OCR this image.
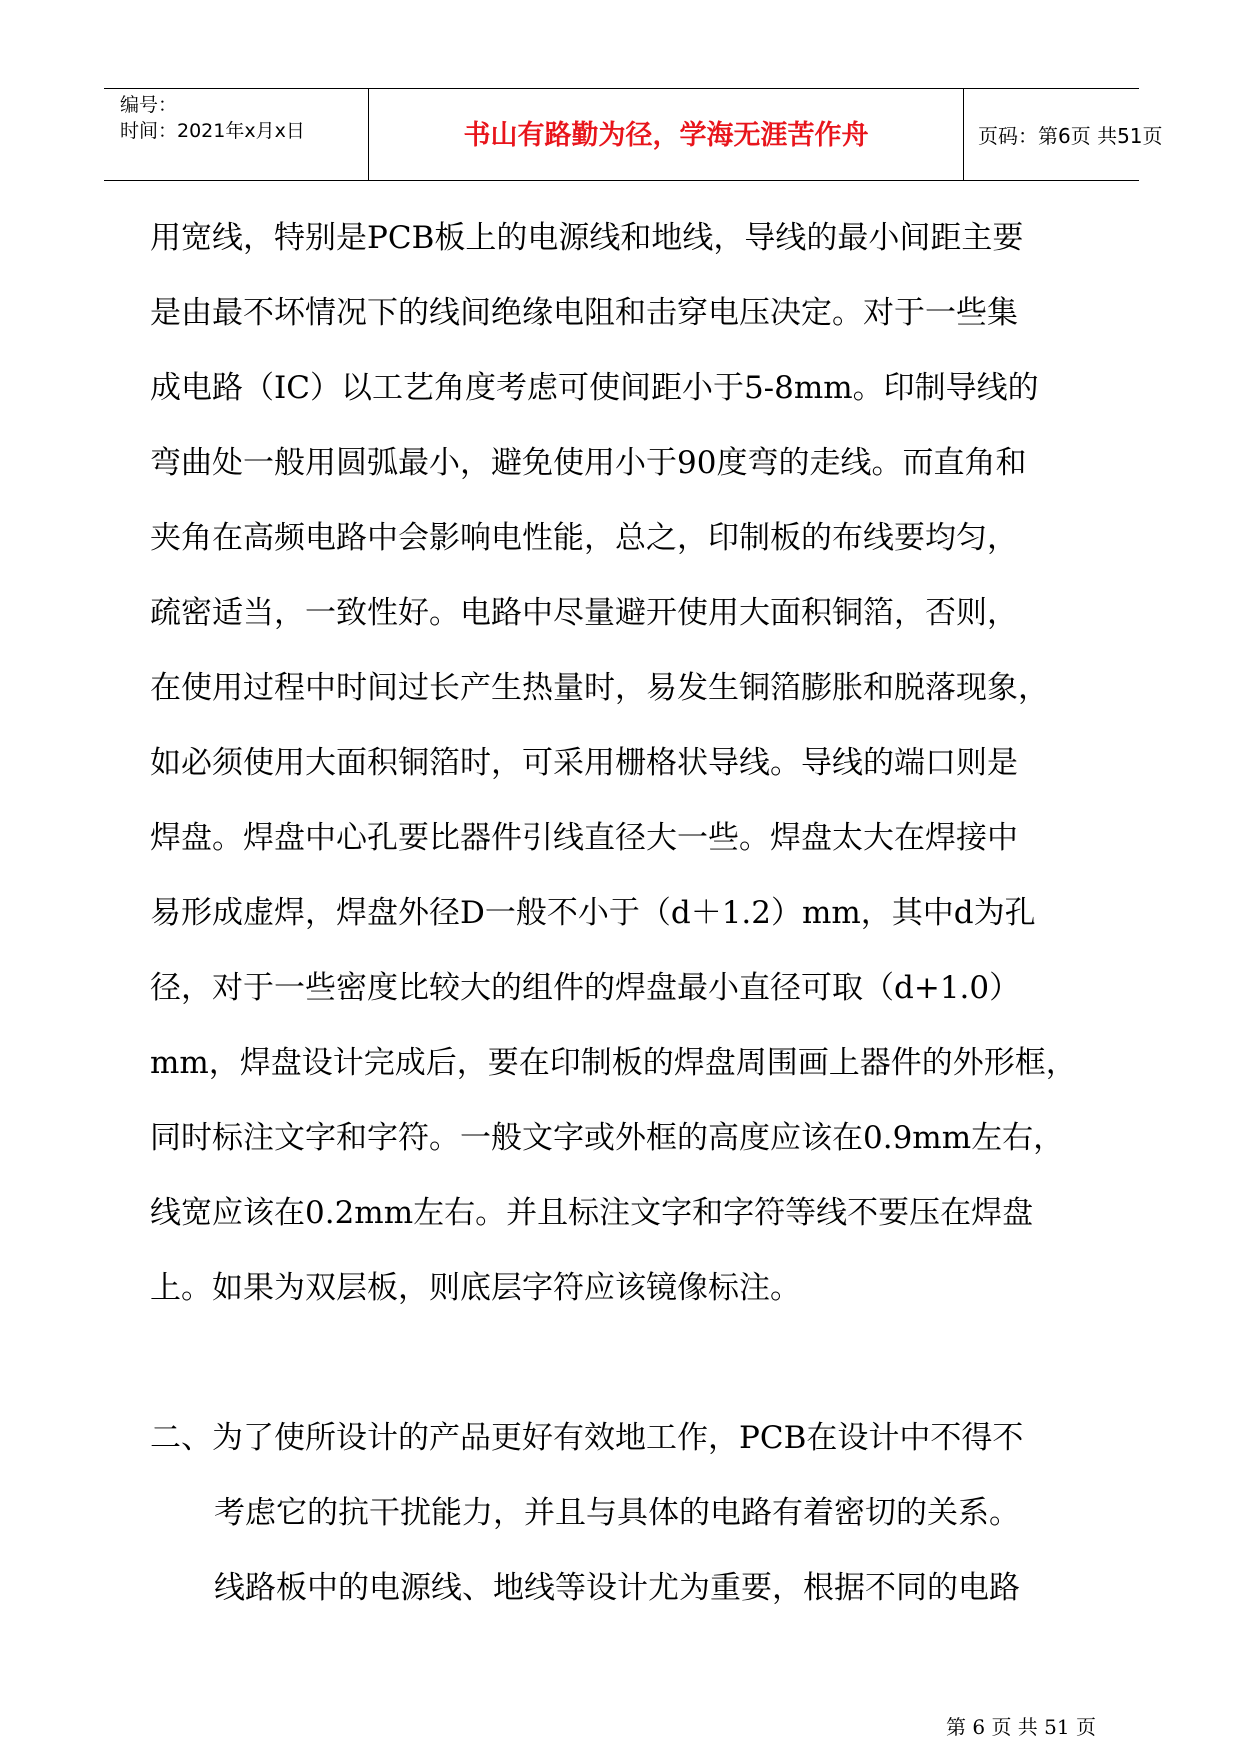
编号：
时间：2021年x月x日	书山有路勤为径，学海无涯苦作舟	页码：第6页 共51页
用宽线，特别是PCB板上的电源线和地线，导线的最小间距主要
是由最不坏情况下的线间绝缘电阻和击穿电压决定。对于一些集
成电路（IC）以工艺角度考虑可使间距小于5-8mm。印制导线的
弯曲处一般用圆弧最小，避免使用小于90度弯的走线。而直角和
夹角在高频电路中会影响电性能，总之，印制板的布线要均匀，
疏密适当，一致性好。电路中尽量避开使用大面积铜箔，否则，
在使用过程中时间过长产生热量时，易发生铜箔膨胀和脱落现象，
如必须使用大面积铜箔时，可采用栅格状导线。导线的端口则是
焊盘。焊盘中心孔要比器件引线直径大一些。焊盘太大在焊接中
易形成虚焊，焊盘外径D一般不小于（d＋1.2）mm，其中d为孔
径，对于一些密度比较大的组件的焊盘最小直径可取（d+1.0）
mm，焊盘设计完成后，要在印制板的焊盘周围画上器件的外形框，
同时标注文字和字符。一般文字或外框的高度应该在0.9mm左右，
线宽应该在0.2mm左右。并且标注文字和字符等线不要压在焊盘
上。如果为双层板，则底层字符应该镜像标注。
二、为了使所设计的产品更好有效地工作，PCB在设计中不得不
考虑它的抗干扰能力，并且与具体的电路有着密切的关系。
线路板中的电源线、地线等设计尤为重要，根据不同的电路
第 6 页 共 51 页
